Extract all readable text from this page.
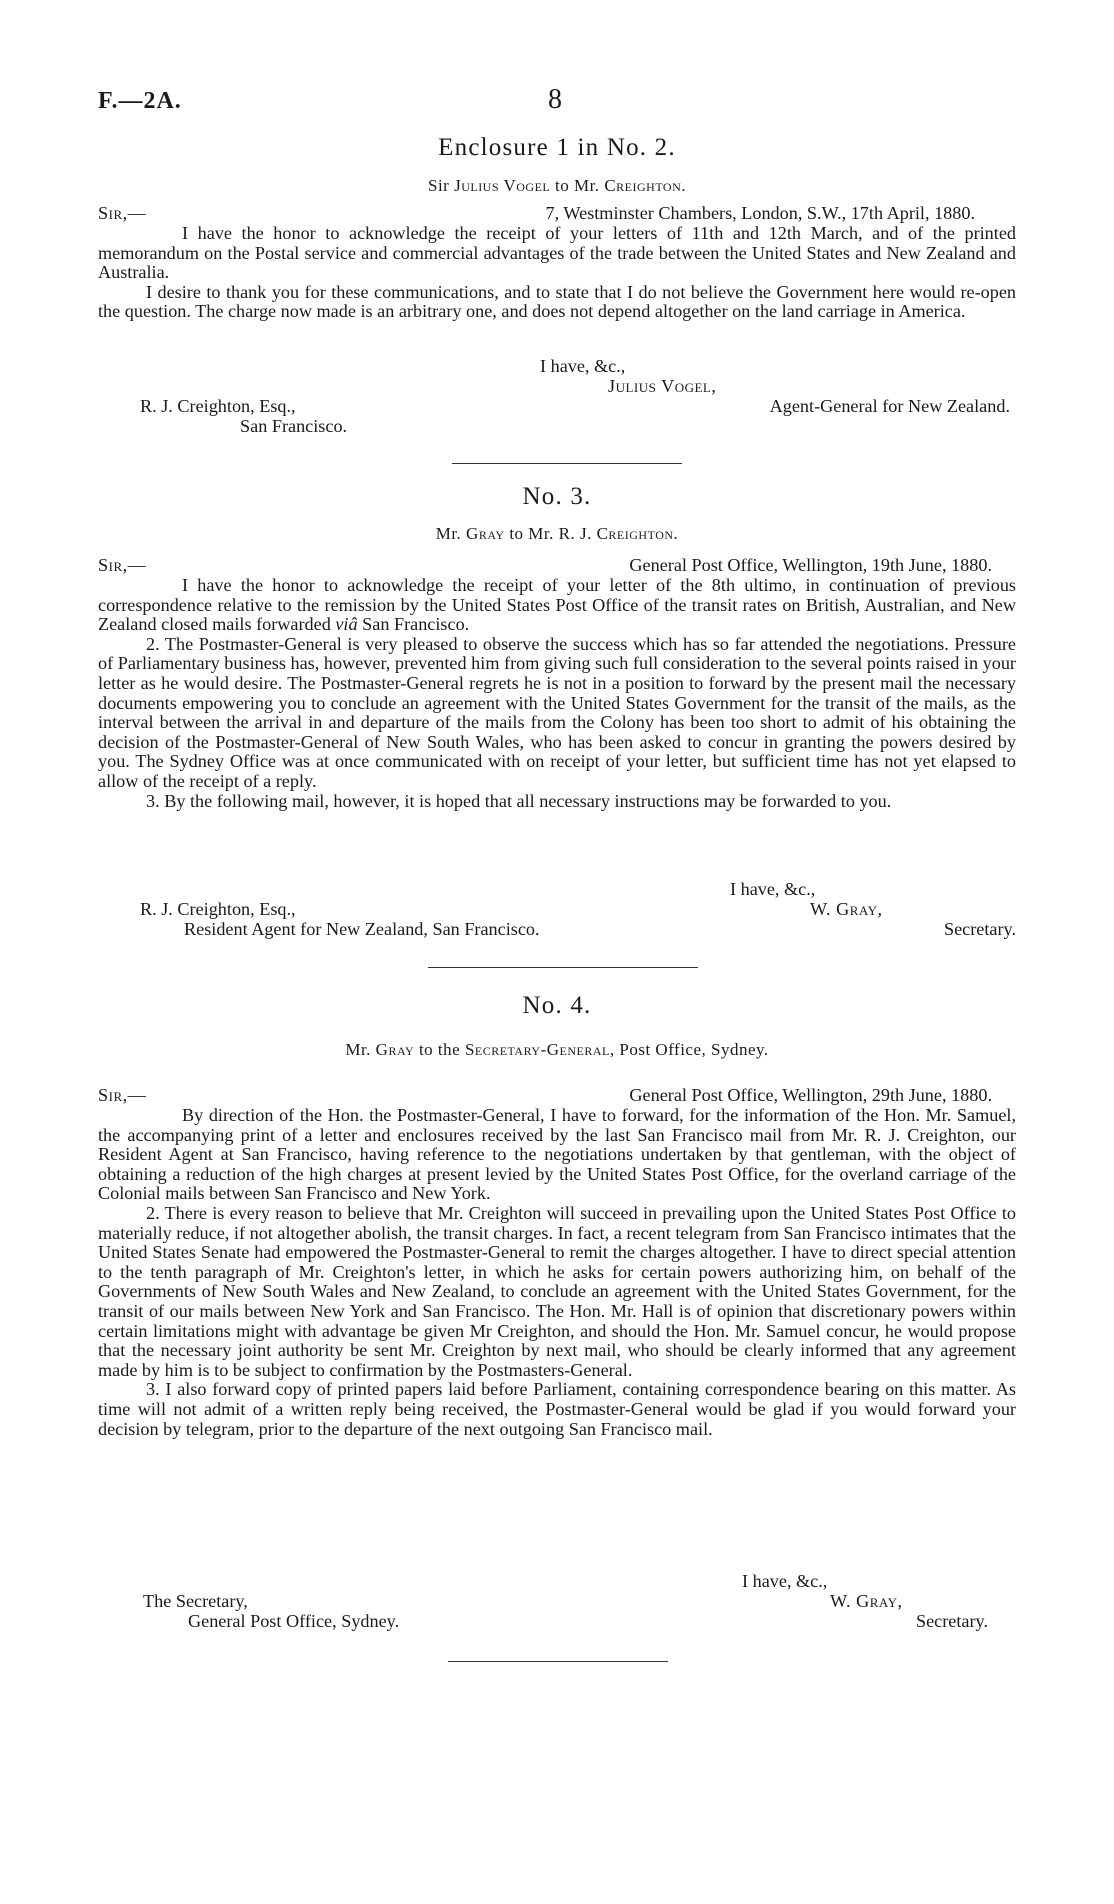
F.—2A.	8
Enclosure 1 in No. 2.
Sir Julius Vogel to Mr. Creighton.
Sir,—	7, Westminster Chambers, London, S.W., 17th April, 1880.

I have the honor to acknowledge the receipt of your letters of 11th and 12th March, and of the printed memorandum on the Postal service and commercial advantages of the trade between the United States and New Zealand and Australia.

I desire to thank you for these communications, and to state that I do not believe the Government here would re-open the question. The charge now made is an arbitrary one, and does not depend altogether on the land carriage in America.

I have, &c.,
Julius Vogel,
Agent-General for New Zealand.
R. J. Creighton, Esq.,
San Francisco.
No. 3.
Mr. Gray to Mr. R. J. Creighton.
Sir,—	General Post Office, Wellington, 19th June, 1880.

I have the honor to acknowledge the receipt of your letter of the 8th ultimo, in continuation of previous correspondence relative to the remission by the United States Post Office of the transit rates on British, Australian, and New Zealand closed mails forwarded viâ San Francisco.

2. The Postmaster-General is very pleased to observe the success which has so far attended the negotiations. Pressure of Parliamentary business has, however, prevented him from giving such full consideration to the several points raised in your letter as he would desire. The Postmaster-General regrets he is not in a position to forward by the present mail the necessary documents empowering you to conclude an agreement with the United States Government for the transit of the mails, as the interval between the arrival in and departure of the mails from the Colony has been too short to admit of his obtaining the decision of the Postmaster-General of New South Wales, who has been asked to concur in granting the powers desired by you. The Sydney Office was at once communicated with on receipt of your letter, but sufficient time has not yet elapsed to allow of the receipt of a reply.

3. By the following mail, however, it is hoped that all necessary instructions may be forwarded to you.

I have, &c.,
W. Gray,
Secretary.
R. J. Creighton, Esq.,
Resident Agent for New Zealand, San Francisco.
No. 4.
Mr. Gray to the Secretary-General, Post Office, Sydney.
Sir,—	General Post Office, Wellington, 29th June, 1880.

By direction of the Hon. the Postmaster-General, I have to forward, for the information of the Hon. Mr. Samuel, the accompanying print of a letter and enclosures received by the last San Francisco mail from Mr. R. J. Creighton, our Resident Agent at San Francisco, having reference to the negotiations undertaken by that gentleman, with the object of obtaining a reduction of the high charges at present levied by the United States Post Office, for the overland carriage of the Colonial mails between San Francisco and New York.

2. There is every reason to believe that Mr. Creighton will succeed in prevailing upon the United States Post Office to materially reduce, if not altogether abolish, the transit charges. In fact, a recent telegram from San Francisco intimates that the United States Senate had empowered the Postmaster-General to remit the charges altogether. I have to direct special attention to the tenth paragraph of Mr. Creighton's letter, in which he asks for certain powers authorizing him, on behalf of the Governments of New South Wales and New Zealand, to conclude an agreement with the United States Government, for the transit of our mails between New York and San Francisco. The Hon. Mr. Hall is of opinion that discretionary powers within certain limitations might with advantage be given Mr Creighton, and should the Hon. Mr. Samuel concur, he would propose that the necessary joint authority be sent Mr. Creighton by next mail, who should be clearly informed that any agreement made by him is to be subject to confirmation by the Postmasters-General.

3. I also forward copy of printed papers laid before Parliament, containing correspondence bearing on this matter. As time will not admit of a written reply being received, the Postmaster-General would be glad if you would forward your decision by telegram, prior to the departure of the next outgoing San Francisco mail.

I have, &c.,
W. Gray,
Secretary.
The Secretary,
General Post Office, Sydney.
